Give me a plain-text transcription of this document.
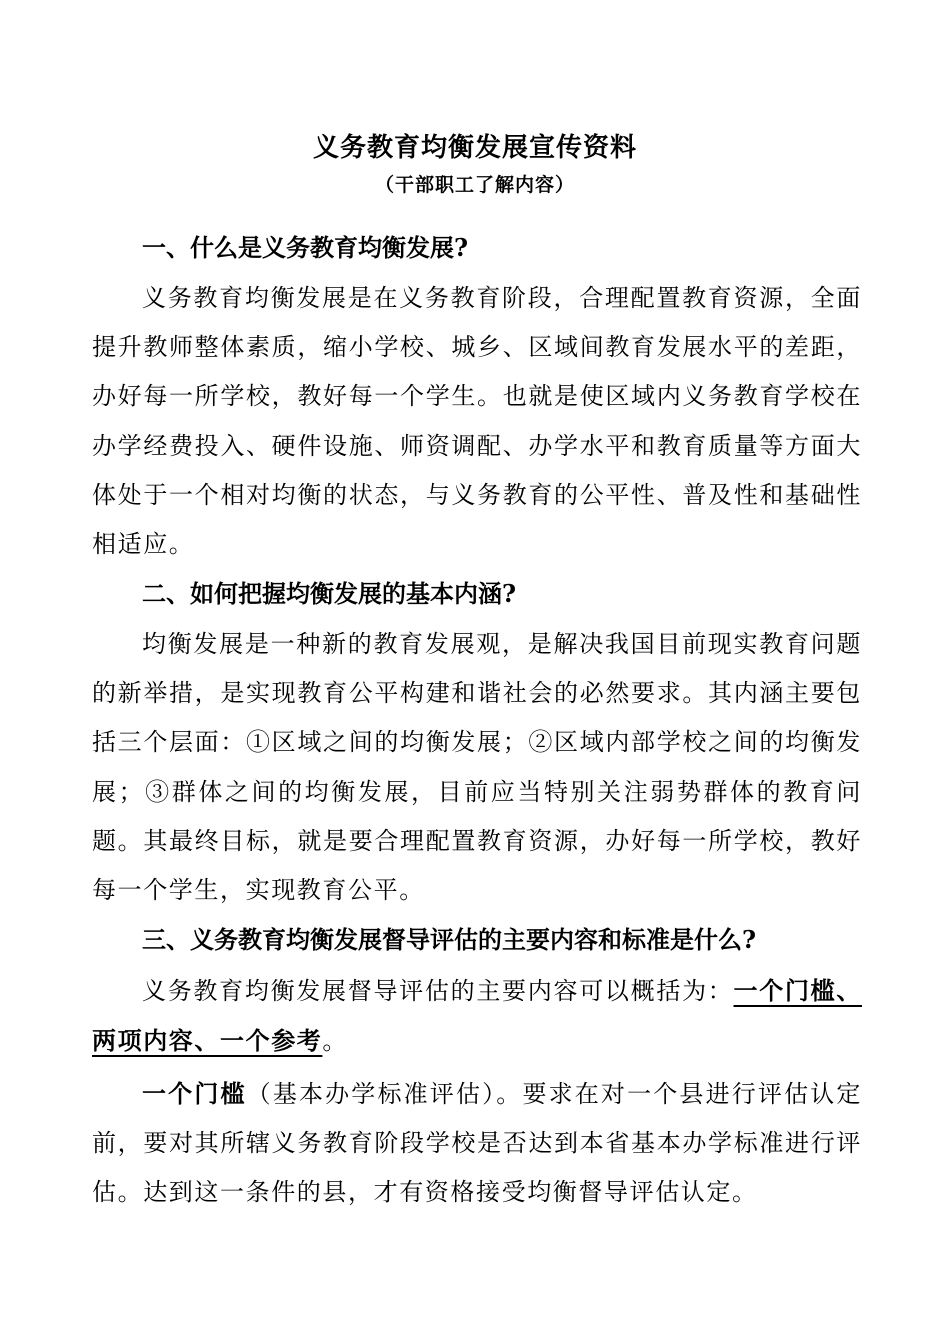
义务教育均衡发展宣传资料
（干部职工了解内容）
一、什么是义务教育均衡发展?
义务教育均衡发展是在义务教育阶段，合理配置教育资源，全面提升教师整体素质，缩小学校、城乡、区域间教育发展水平的差距，办好每一所学校，教好每一个学生。也就是使区域内义务教育学校在办学经费投入、硬件设施、师资调配、办学水平和教育质量等方面大体处于一个相对均衡的状态，与义务教育的公平性、普及性和基础性相适应。
二、如何把握均衡发展的基本内涵?
均衡发展是一种新的教育发展观，是解决我国目前现实教育问题的新举措，是实现教育公平构建和谐社会的必然要求。其内涵主要包括三个层面：①区域之间的均衡发展；②区域内部学校之间的均衡发展；③群体之间的均衡发展，目前应当特别关注弱势群体的教育问题。其最终目标，就是要合理配置教育资源，办好每一所学校，教好每一个学生，实现教育公平。
三、义务教育均衡发展督导评估的主要内容和标准是什么?
义务教育均衡发展督导评估的主要内容可以概括为：一个门槛、两项内容、一个参考。
一个门槛（基本办学标准评估）。要求在对一个县进行评估认定前，要对其所辖义务教育阶段学校是否达到本省基本办学标准进行评估。达到这一条件的县，才有资格接受均衡督导评估认定。
